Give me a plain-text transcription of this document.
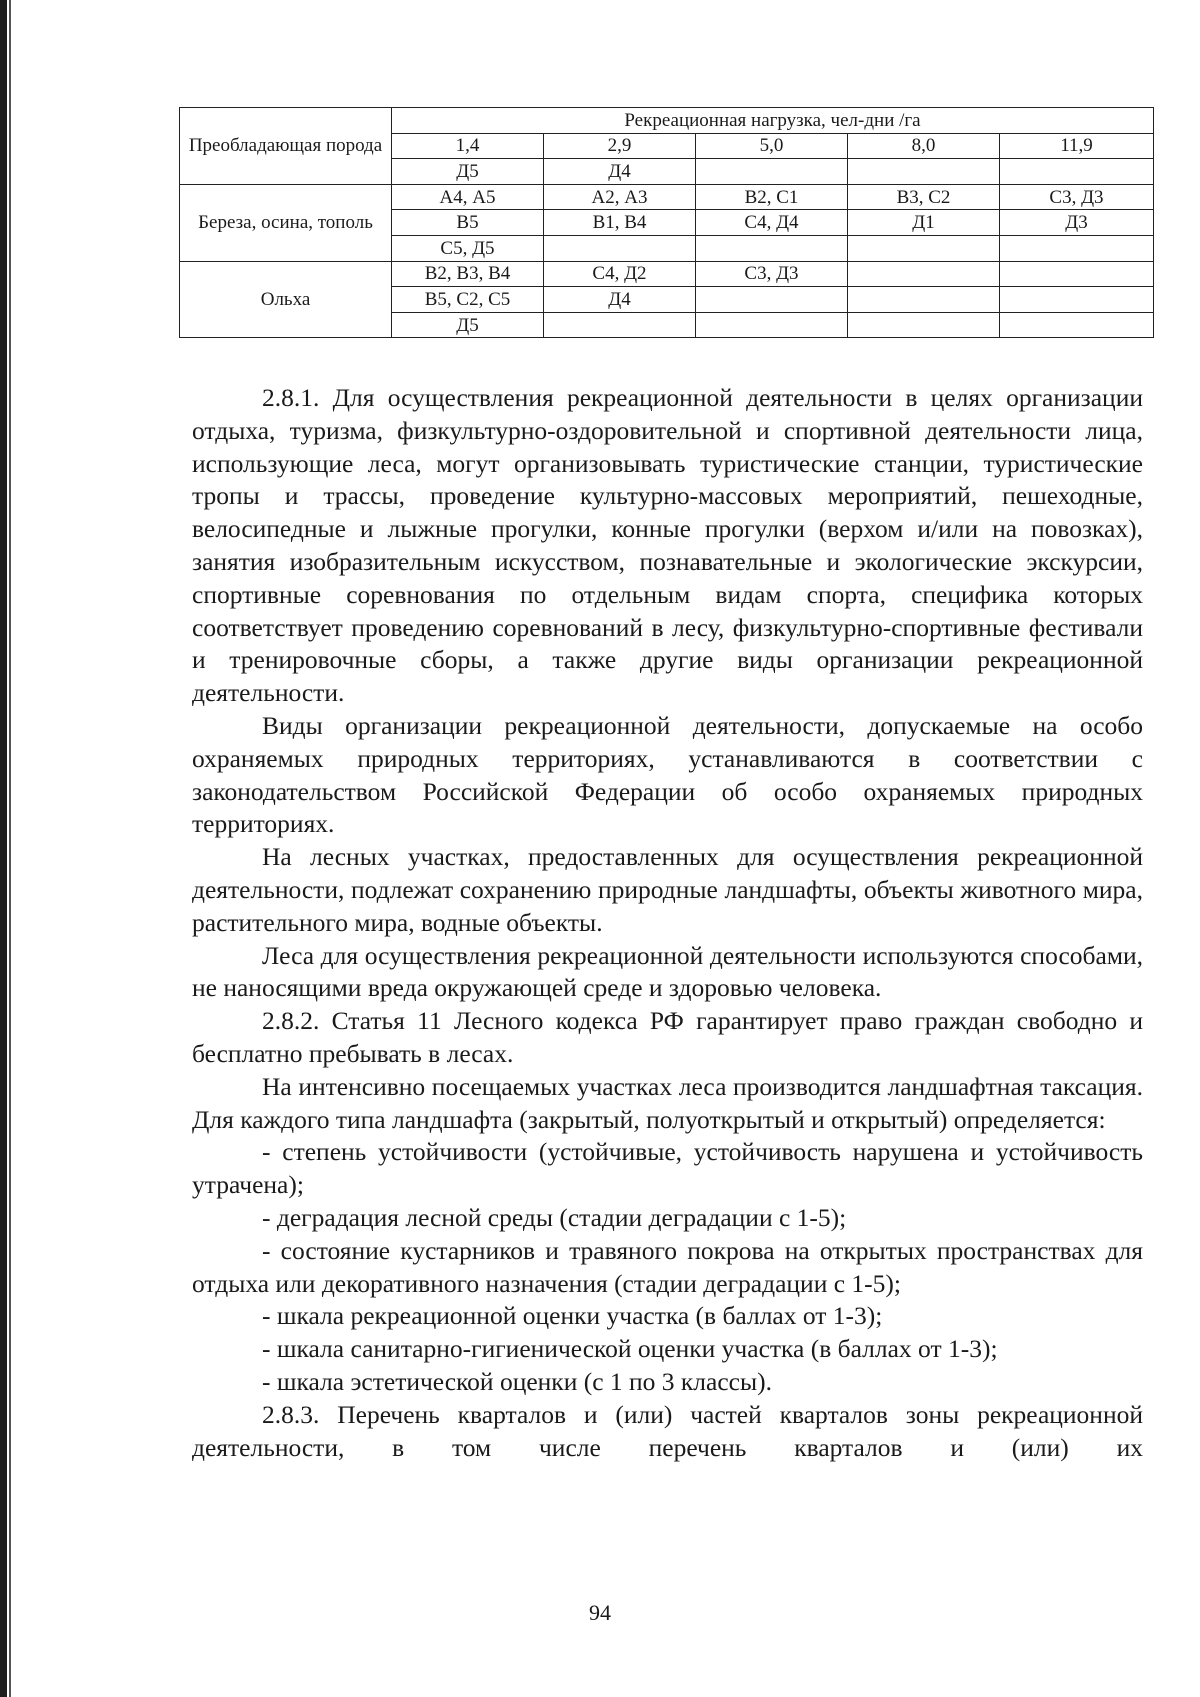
Преобладающая порода	Рекреационная нагрузка, чел-дни /га				
	1,4	2,9	5,0	8,0	11,9
	Д5	Д4			
Береза, осина, тополь	А4, А5	А2, А3	В2, С1	В3, С2	С3, Д3
	В5	В1, В4	С4, Д4	Д1	Д3
	С5, Д5				
Ольха	В2, В3, В4	С4, Д2	С3, Д3		
	В5, С2, С5	Д4			
	Д5				

2.8.1. Для осуществления рекреационной деятельности в целях организации отдыха, туризма, физкультурно-оздоровительной и спортивной деятельности лица, использующие леса, могут организовывать туристические станции, туристические тропы и трассы, проведение культурно-массовых мероприятий, пешеходные, велосипедные и лыжные прогулки, конные прогулки (верхом и/или на повозках), занятия изобразительным искусством, познавательные и экологические экскурсии, спортивные соревнования по отдельным видам спорта, специфика которых соответствует проведению соревнований в лесу, физкультурно-спортивные фестивали и тренировочные сборы, а также другие виды организации рекреационной деятельности.

Виды организации рекреационной деятельности, допускаемые на особо охраняемых природных территориях, устанавливаются в соответствии с законодательством Российской Федерации об особо охраняемых природных территориях.

На лесных участках, предоставленных для осуществления рекреационной деятельности, подлежат сохранению природные ландшафты, объекты животного мира, растительного мира, водные объекты.

Леса для осуществления рекреационной деятельности используются способами, не наносящими вреда окружающей среде и здоровью человека.

2.8.2. Статья 11 Лесного кодекса РФ гарантирует право граждан свободно и бесплатно пребывать в лесах.

На интенсивно посещаемых участках леса производится ландшафтная таксация. Для каждого типа ландшафта (закрытый, полуоткрытый и открытый) определяется:

- степень устойчивости (устойчивые, устойчивость нарушена и устойчивость утрачена);

- деградация лесной среды (стадии деградации с 1-5);

- состояние кустарников и травяного покрова на открытых пространствах для отдыха или декоративного назначения (стадии деградации с 1-5);

- шкала рекреационной оценки участка (в баллах от 1-3);

- шкала санитарно-гигиенической оценки участка (в баллах от 1-3);

- шкала эстетической оценки (с 1 по 3 классы).

2.8.3. Перечень кварталов и (или) частей кварталов зоны рекреационной деятельности, в том числе перечень кварталов и (или) их

94
